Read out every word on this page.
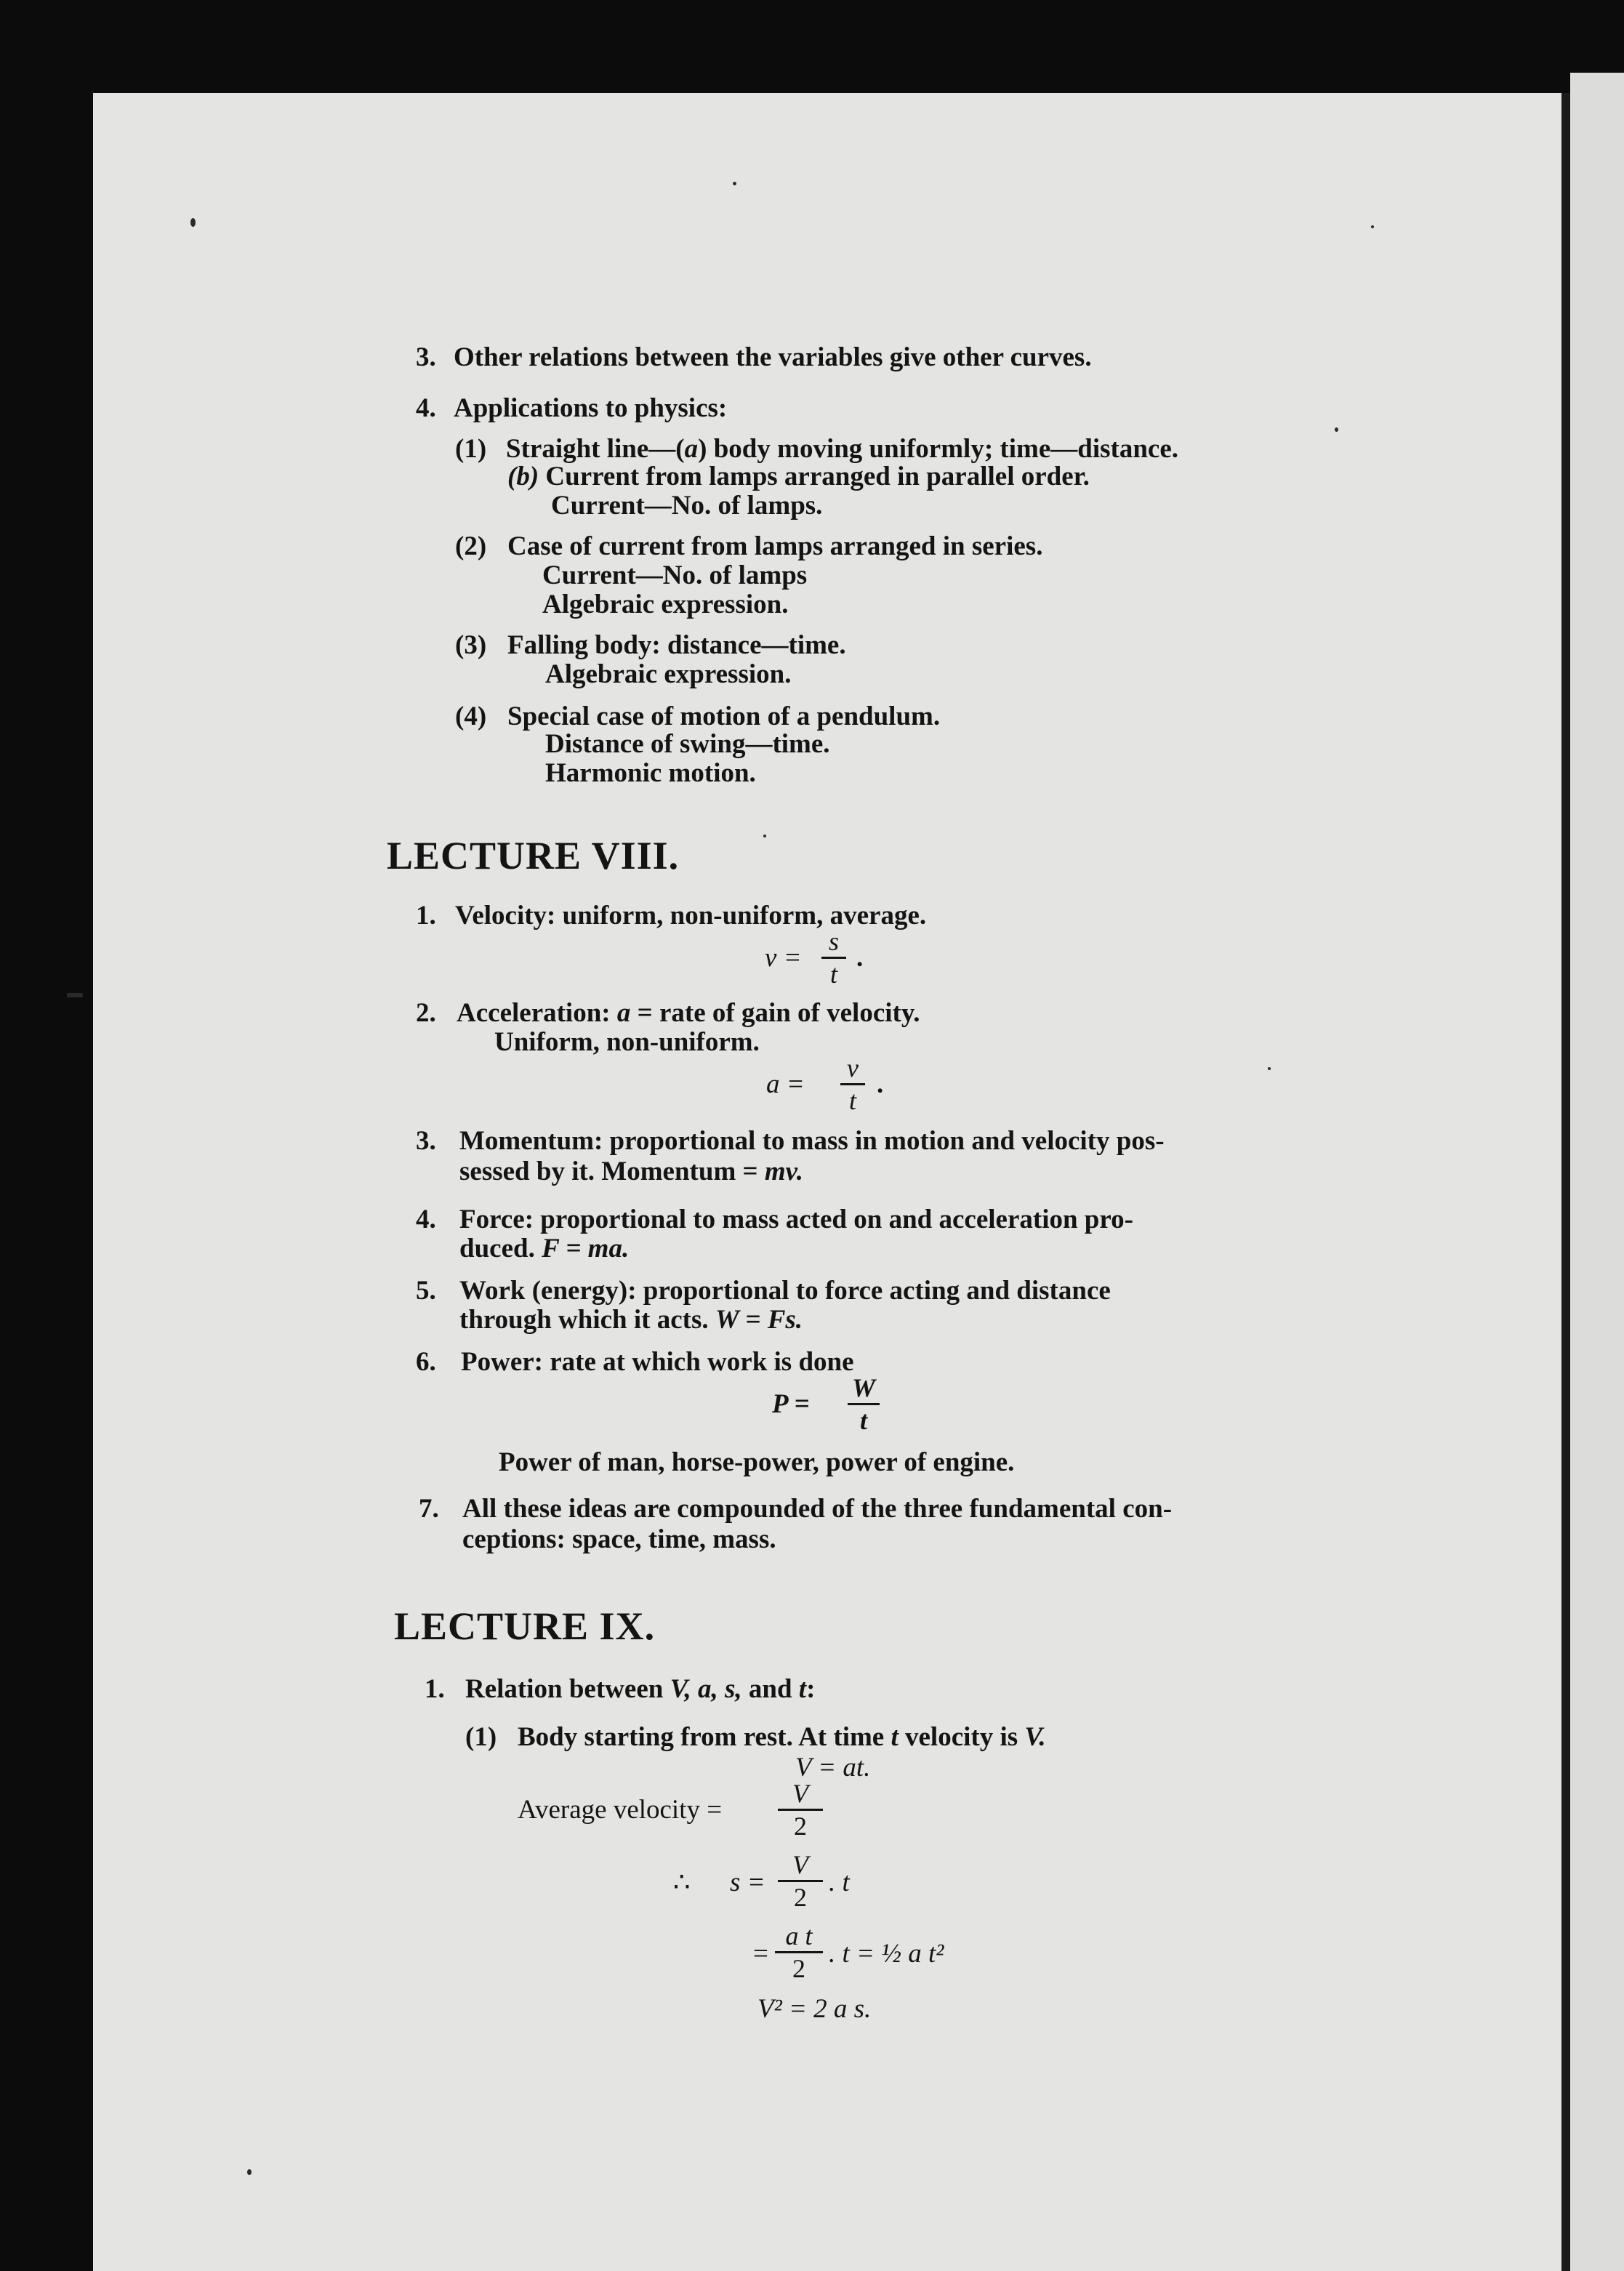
3. Other relations between the variables give other curves.
4. Applications to physics:
(1) Straight line—(a) body moving uniformly; time—distance.
(b) Current from lamps arranged in parallel order.
Current—No. of lamps.
(2) Case of current from lamps arranged in series.
Current—No. of lamps
Algebraic expression.
(3) Falling body: distance—time.
Algebraic expression.
(4) Special case of motion of a pendulum.
Distance of swing—time.
Harmonic motion.
LECTURE VIII.
1. Velocity: uniform, non-uniform, average.
v =
s
t
.
2. Acceleration: a = rate of gain of velocity.
Uniform, non-uniform.
a =
v
t
.
3. Momentum: proportional to mass in motion and velocity pos-
sessed by it. Momentum = mv.
4. Force: proportional to mass acted on and acceleration pro-
duced. F = ma.
5. Work (energy): proportional to force acting and distance
through which it acts. W = Fs.
6. Power: rate at which work is done
P =
W
t
Power of man, horse-power, power of engine.
7. All these ideas are compounded of the three fundamental con-
ceptions: space, time, mass.
LECTURE IX.
1. Relation between V, a, s, and t:
(1) Body starting from rest. At time t velocity is V.
V = at.
Average velocity =
V
2
∴ s =
V
2 . t
=
a t
2 . t = ½ a t²
V² = 2 a s.
